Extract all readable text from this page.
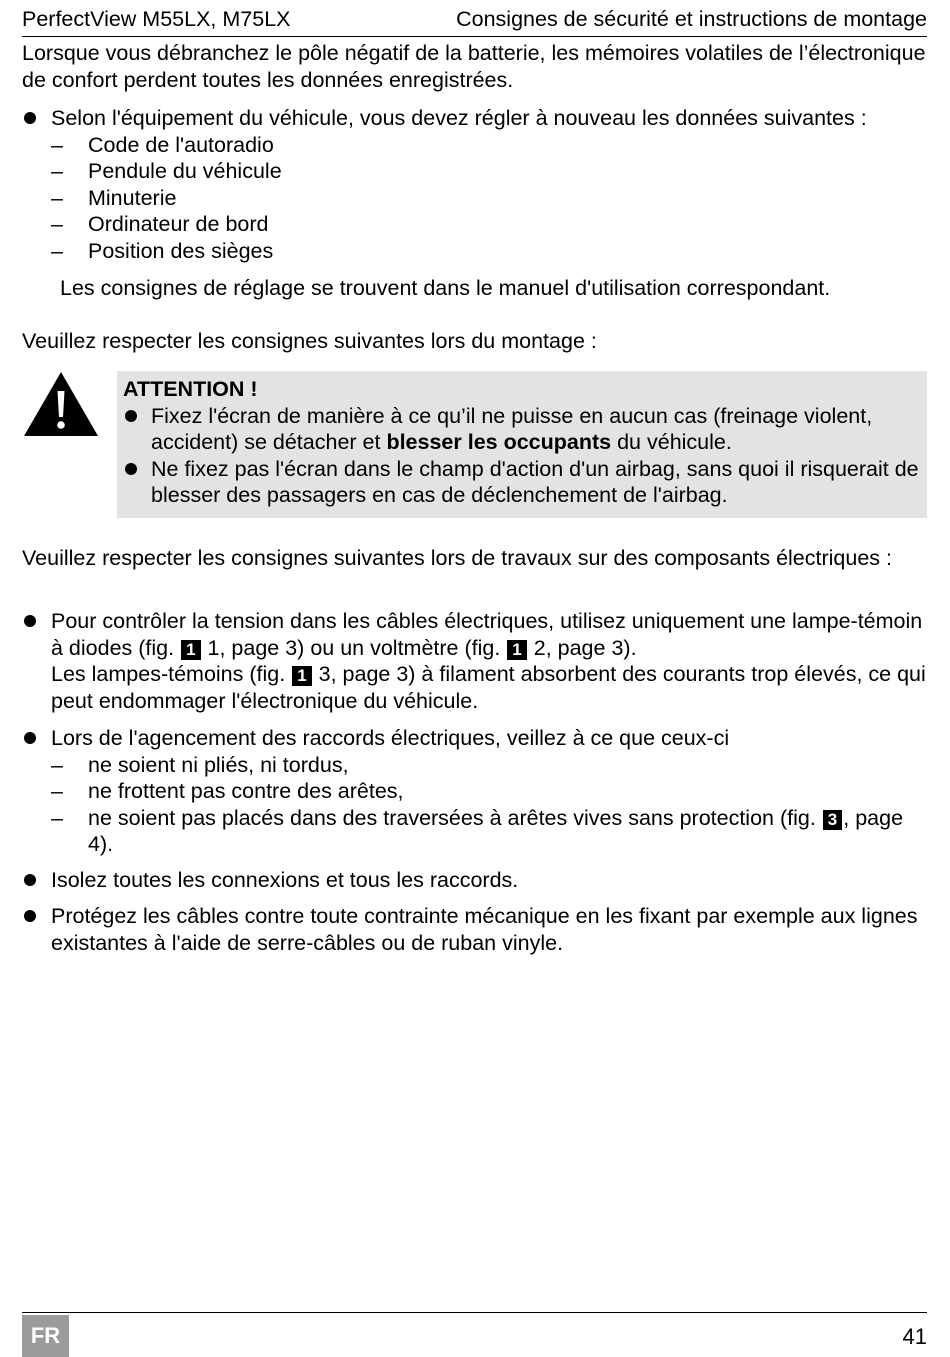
PerfectView M55LX, M75LX	Consignes de sécurité et instructions de montage

Lorsque vous débranchez le pôle négatif de la batterie, les mémoires volatiles de l’électronique de confort perdent toutes les données enregistrées.

Selon l'équipement du véhicule, vous devez régler à nouveau les données suivantes :
– Code de l'autoradio
– Pendule du véhicule
– Minuterie
– Ordinateur de bord
– Position des sièges

Les consignes de réglage se trouvent dans le manuel d'utilisation correspondant.

Veuillez respecter les consignes suivantes lors du montage :

ATTENTION !
Fixez l'écran de manière à ce qu’il ne puisse en aucun cas (freinage violent, accident) se détacher et blesser les occupants du véhicule.
Ne fixez pas l'écran dans le champ d'action d'un airbag, sans quoi il risquerait de blesser des passagers en cas de déclenchement de l'airbag.

Veuillez respecter les consignes suivantes lors de travaux sur des composants électriques :

Pour contrôler la tension dans les câbles électriques, utilisez uniquement une lampe-témoin à diodes (fig. 1 1, page 3) ou un voltmètre (fig. 1 2, page 3).
Les lampes-témoins (fig. 1 3, page 3) à filament absorbent des courants trop élevés, ce qui peut endommager l'électronique du véhicule.
Lors de l'agencement des raccords électriques, veillez à ce que ceux-ci
– ne soient ni pliés, ni tordus,
– ne frottent pas contre des arêtes,
– ne soient pas placés dans des traversées à arêtes vives sans protection (fig. 3 , page 4).
Isolez toutes les connexions et tous les raccords.
Protégez les câbles contre toute contrainte mécanique en les fixant par exemple aux lignes existantes à l'aide de serre-câbles ou de ruban vinyle.
FR	41
